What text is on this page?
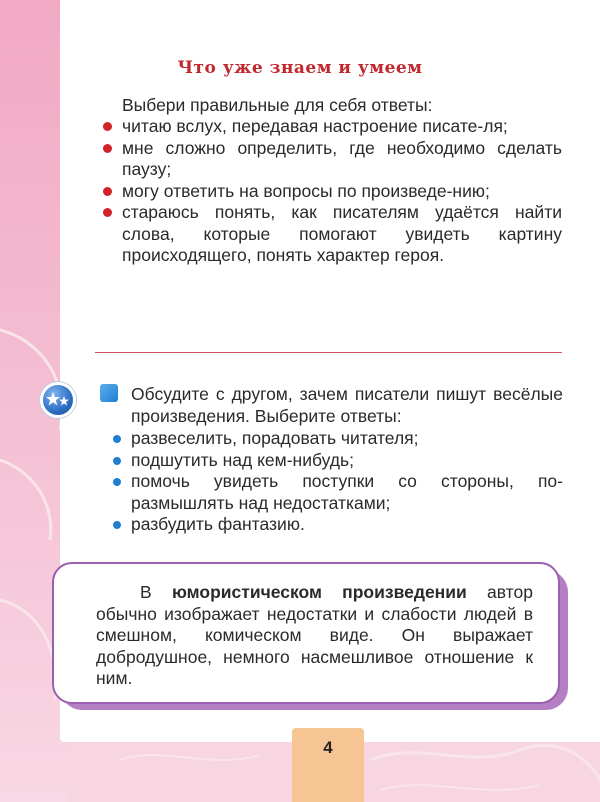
Что уже знаем и умеем
Выбери правильные для себя ответы:
читаю вслух, передавая настроение писате-ля;
мне сложно определить, где необходимо сделать паузу;
могу ответить на вопросы по произведе-нию;
стараюсь понять, как писателям удаётся найти слова, которые помогают увидеть картину происходящего, понять характер героя.
Обсудите с другом, зачем писатели пишут весёлые произведения. Выберите ответы:
развеселить, порадовать читателя;
подшутить над кем-нибудь;
помочь увидеть поступки со стороны, по-размышлять над недостатками;
разбудить фантазию.

В юмористическом произведении автор обычно изображает недостатки и слабости людей в смешном, комическом виде. Он выражает добродушное, немного насмешливое отношение к ним.

4
